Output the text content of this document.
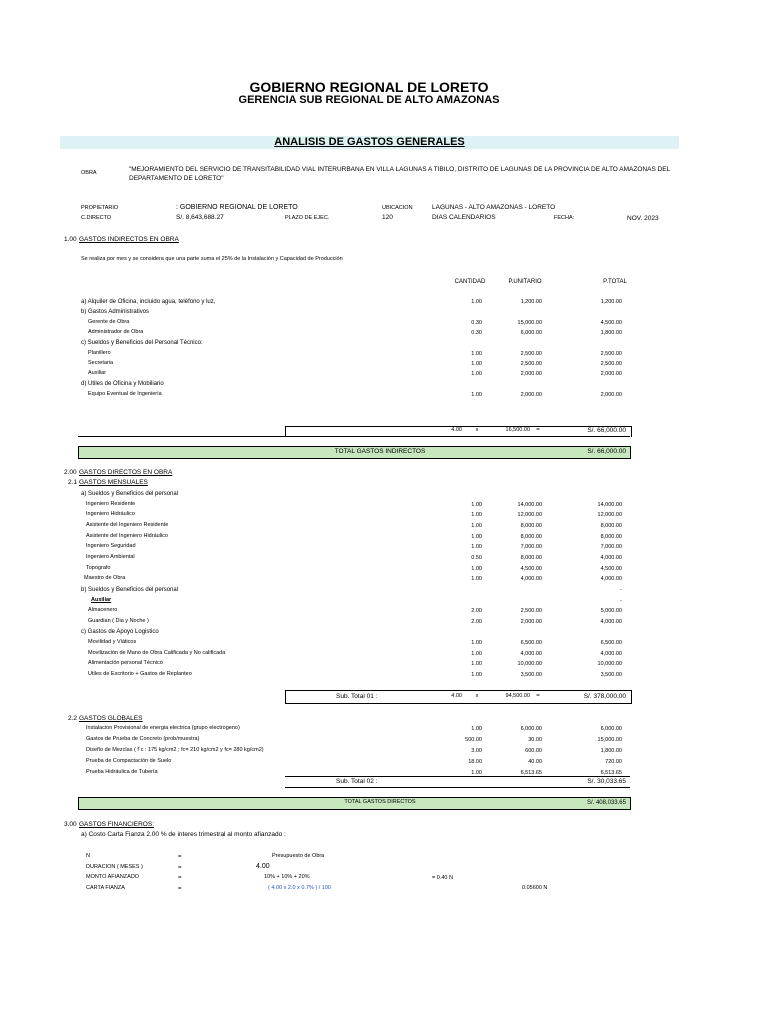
GOBIERNO REGIONAL DE LORETO
GERENCIA SUB REGIONAL DE ALTO AMAZONAS
ANALISIS DE GASTOS GENERALES
OBRA	"MEJORAMIENTO DEL SERVICIO DE TRANSITABILIDAD VIAL INTERURBANA EN VILLA LAGUNAS A TIBILO, DISTRITO DE LAGUNAS DE LA PROVINCIA DE ALTO AMAZONAS DEL
DEPARTAMENTO DE LORETO"
PROPIETARIO	: GOBIERNO REGIONAL DE LORETO	UBICACION	LAGUNAS - ALTO AMAZONAS - LORETO
C.DIRECTO	S/. 8,643,688.27	PLAZO DE EJEC.	120	DIAS CALENDARIOS	FECHA:	NOV. 2023
1.00 GASTOS INDIRECTOS EN OBRA
Se realiza por mes y se considera que una parte suma el 25% de la Instalación y Capacidad de Producción
CANTIDAD	P.UNITARIO	P.TOTAL
a) Alquiler de Oficina, incluido agua, teléfono y luz,	1.00	1,200.00	1,200.00
b) Gastos Administrativos
Gerente de Obra	0.30	15,000.00	4,500.00
Administrador de Obra	0.30	6,000.00	1,800.00
c) Sueldos y Beneficios del Personal Técnico:
Planillero	1.00	2,500.00	2,500.00
Secretaria	1.00	2,500.00	2,500.00
Auxiliar	1.00	2,000.00	2,000.00
d) Utiles de Oficina y Mobiliario
Equipo Eventual de Ingeniería	1.00	2,000.00	2,000.00
4.00	x	16,500.00	=	S/. 66,000.00
TOTAL GASTOS INDIRECTOS	S/. 66,000.00
2.00 GASTOS DIRECTOS EN OBRA
2.1 GASTOS MENSUALES
a) Sueldos y Beneficios del personal
Ingeniero Residente	1.00	14,000.00	14,000.00
Ingeniero Hidráulico	1.00	12,000.00	12,000.00
Asistente del Ingeniero Residente	1.00	8,000.00	8,000.00
Asistente del Ingeniero Hidráulico	1.00	8,000.00	8,000.00
Ingeniero Seguridad	1.00	7,000.00	7,000.00
Ingeniero Ambiental	0.50	8,000.00	4,000.00
Topografo	1.00	4,500.00	4,500.00
Maestro de Obra	1.00	4,000.00	4,000.00
b) Sueldos y Beneficios del personal	-
Auxiliar	-
Almacenero	2.00	2,500.00	5,000.00
Guardian ( Dia y Noche )	2.00	2,000.00	4,000.00
c) Gastos de Apoyo Logistico
Movilidad y Viáticos	1.00	6,500.00	6,500.00
Movilización de Mano de Obra Calificada y No calificada	1.00	4,000.00	4,000.00
Alimentación personal Técnico	1.00	10,000.00	10,000.00
Utiles de Escritorio + Gastos de Replanteo	1.00	3,500.00	3,500.00
Sub. Total 01 :	4.00	x	94,500.00	=	S/. 378,000.00
2.2 GASTOS GLOBALES
Instalacion Provisional de energia electrica (grupo electrogeno)	1.00	6,000.00	6,000.00
Gastos de Prueba de Concreto (prob/muestra)	500.00	30.00	15,000.00
Diseño de Mezclas ( f´c : 175 kg/cm2 ; fc= 210 kg/cm2 y fc= 280 kg/cm2)	3.00	600.00	1,800.00
Prueba de Compactación de Suelo	18.00	40.00	720.00
Prueba Hidráulica de Tubería	1.00	6,513.65	6,513.65
Sub. Total 02 :	S/. 30,033.65
TOTAL GASTOS DIRECTOS	S/. 408,033.65
3.00 GASTOS FINANCIEROS:
a) Costo Carta Fianza 2.00 % de interes trimestral al monto afianzado :
N	=	Presupuesto de Obra
DURACION ( MESES )	=	4.00
MONTO AFIANZADO	=	10% + 10% + 20%	= 0.40 N
CARTA FIANZA	=	( 4.00 x 2.0 x 0.7% ) / 100	0.05600 N
